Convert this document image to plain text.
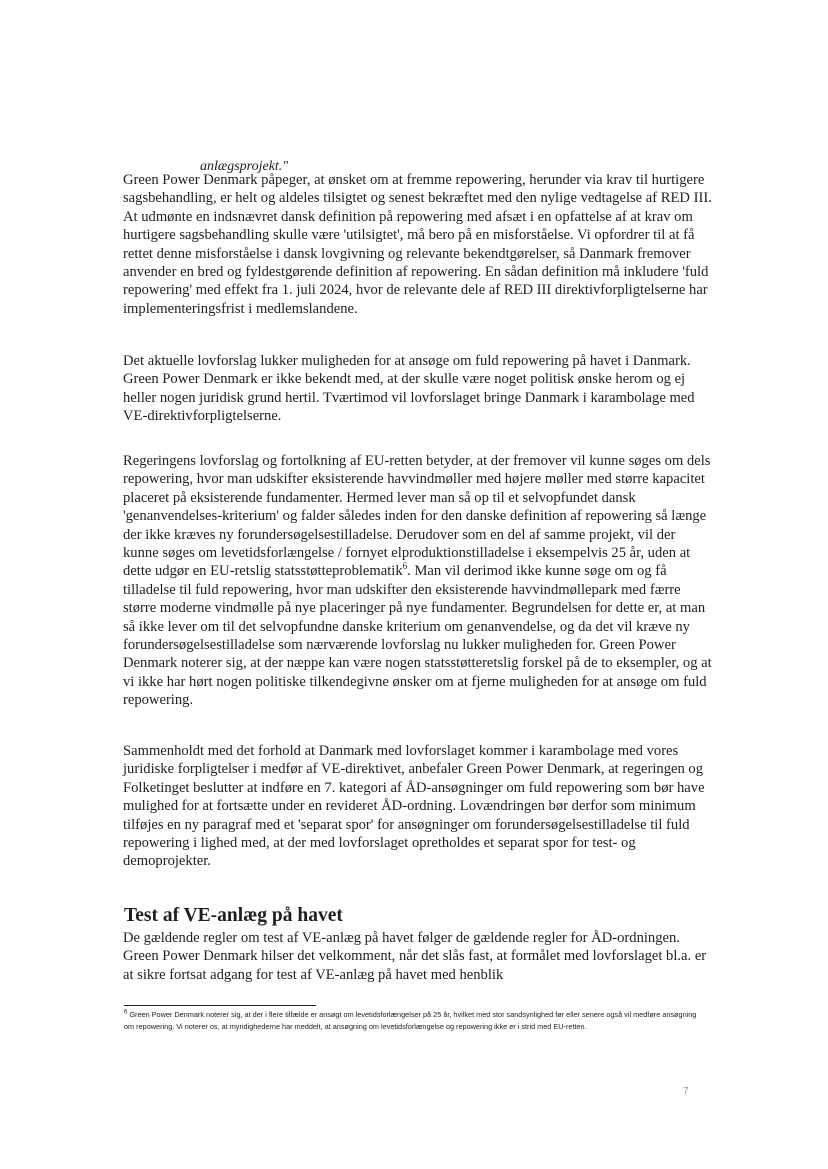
anlægsprojekt."

Green Power Denmark påpeger, at ønsket om at fremme repowering, herunder via krav til hurtigere sagsbehandling, er helt og aldeles tilsigtet og senest bekræftet med den nylige vedtagelse af RED III. At udmønte en indsnævret dansk definition på repowering med afsæt i en opfattelse af at krav om hurtigere sagsbehandling skulle være 'utilsigtet', må bero på en misforståelse. Vi opfordrer til at få rettet denne misforståelse i dansk lovgivning og relevante bekendtgørelser, så Danmark fremover anvender en bred og fyldestgørende definition af repowering. En sådan definition må inkludere 'fuld repowering' med effekt fra 1. juli 2024, hvor de relevante dele af RED III direktivforpligtelserne har implementeringsfrist i medlemslandene.

Det aktuelle lovforslag lukker muligheden for at ansøge om fuld repowering på havet i Danmark. Green Power Denmark er ikke bekendt med, at der skulle være noget politisk ønske herom og ej heller nogen juridisk grund hertil. Tværtimod vil lovforslaget bringe Danmark i karambolage med VE-direktivforpligtelserne.

Regeringens lovforslag og fortolkning af EU-retten betyder, at der fremover vil kunne søges om dels repowering, hvor man udskifter eksisterende havvindmøller med højere møller med større kapacitet placeret på eksisterende fundamenter. Hermed lever man så op til et selvopfundet dansk 'genanvendelses-kriterium' og falder således inden for den danske definition af repowering så længe der ikke kræves ny forundersøgelsestilladelse. Derudover som en del af samme projekt, vil der kunne søges om levetidsforlængelse / fornyet elproduktionstilladelse i eksempelvis 25 år, uden at dette udgør en EU-retslig statsstøtteproblematik$^6$. Man vil derimod ikke kunne søge om og få tilladelse til fuld repowering, hvor man udskifter den eksisterende havvindmøllepark med færre større moderne vindmølle på nye placeringer på nye fundamenter. Begrundelsen for dette er, at man så ikke lever om til det selvopfundne danske kriterium om genanvendelse, og da det vil kræve ny forundersøgelsestilladelse som nærværende lovforslag nu lukker muligheden for. Green Power Denmark noterer sig, at der næppe kan være nogen statsstøtteretslig forskel på de to eksempler, og at vi ikke har hørt nogen politiske tilkendegivne ønsker om at fjerne muligheden for at ansøge om fuld repowering.

Sammenholdt med det forhold at Danmark med lovforslaget kommer i karambolage med vores juridiske forpligtelser i medfør af VE-direktivet, anbefaler Green Power Denmark, at regeringen og Folketinget beslutter at indføre en 7. kategori af ÅD-ansøgninger om fuld repowering som bør have mulighed for at fortsætte under en revideret ÅD-ordning. Lovændringen bør derfor som minimum tilføjes en ny paragraf med et 'separat spor' for ansøgninger om forundersøgelsestilladelse til fuld repowering i lighed med, at der med lovforslaget opretholdes et separat spor for test- og demoprojekter.

Test af VE-anlæg på havet

De gældende regler om test af VE-anlæg på havet følger de gældende regler for ÅD-ordningen. Green Power Denmark hilser det velkomment, når det slås fast, at formålet med lovforslaget bl.a. er at sikre fortsat adgang for test af VE-anlæg på havet med henblik

$^6$ Green Power Denmark noterer sig, at der i flere tilfælde er ansøgt om levetidsforlængelser på 25 år, hvilket med stor sandsynlighed før eller senere også vil medføre ansøgning om repowering. Vi noterer os, at myndighederne har meddelt, at ansøgning om levetidsforlængelse og repowering ikke er i strid med EU-retten.

7
